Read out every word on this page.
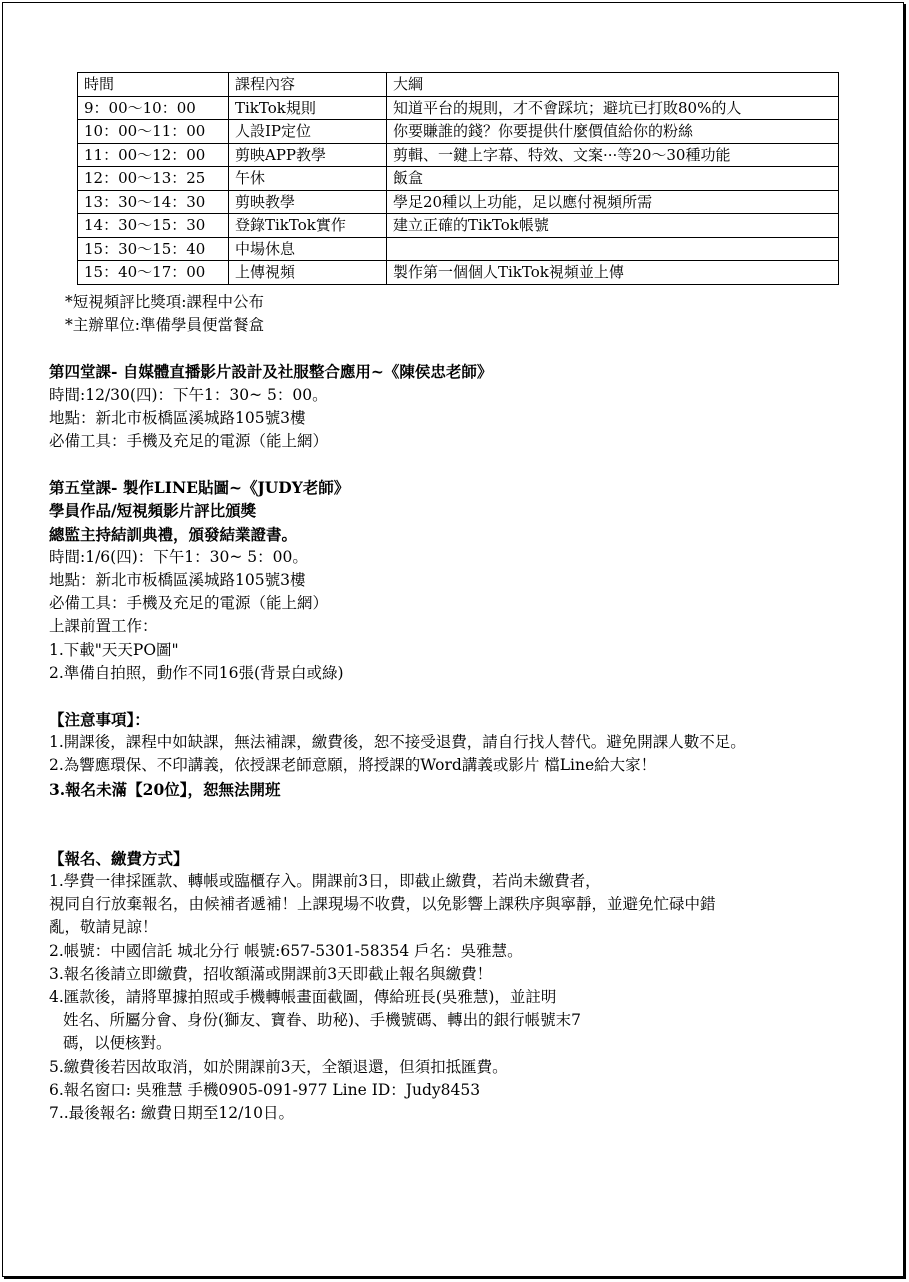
時間	課程內容	大綱
9：00～10：00	TikTok規則	知道平台的規則，才不會踩坑；避坑已打敗80%的人
10：00～11：00	人設IP定位	你要賺誰的錢？你要提供什麼價值給你的粉絲
11：00～12：00	剪映APP教學	剪輯、一鍵上字幕、特效、文案···等20～30種功能
12：00～13：25	午休	飯盒
13：30～14：30	剪映教學	學足20種以上功能，足以應付視頻所需
14：30～15：30	登錄TikTok實作	建立正確的TikTok帳號
15：30～15：40	中場休息	
15：40～17：00	上傳視頻	製作第一個個人TikTok視頻並上傳
*短視頻評比獎項:課程中公布
*主辦單位:準備學員便當餐盒
第四堂課- 自媒體直播影片設計及社服整合應用~《陳侯忠老師》
時間:12/30(四)：下午1：30~ 5：00。
地點：新北市板橋區溪城路105號3樓
必備工具：手機及充足的電源（能上網）
第五堂課- 製作LINE貼圖~《JUDY老師》
學員作品/短視頻影片評比頒獎
總監主持結訓典禮，頒發結業證書。
時間:1/6(四)：下午1：30~ 5：00。
地點：新北市板橋區溪城路105號3樓
必備工具：手機及充足的電源（能上網）
上課前置工作：
1.下載"天天PO圖"
2.準備自拍照，動作不同16張(背景白或綠)
【注意事項】：
1.開課後，課程中如缺課，無法補課，繳費後，恕不接受退費，請自行找人替代。避免開課人數不足。
2.為響應環保、不印講義，依授課老師意願，將授課的Word講義或影片 檔Line給大家！
3.報名未滿【20位】，恕無法開班
【報名、繳費方式】
1.學費一律採匯款、轉帳或臨櫃存入。開課前3日，即截止繳費，若尚未繳費者，
視同自行放棄報名，由候補者遞補！上課現場不收費，以免影響上課秩序與寧靜，並避免忙碌中錯
亂，敬請見諒！
2.帳號：中國信託 城北分行 帳號:657-5301-58354 戶名：吳雅慧。
3.報名後請立即繳費，招收額滿或開課前3天即截止報名與繳費！
4.匯款後，請將單據拍照或手機轉帳畫面截圖，傳給班長(吳雅慧)，並註明
姓名、所屬分會、身份(獅友、寶眷、助秘)、手機號碼、轉出的銀行帳號末7
碼，以便核對。
5.繳費後若因故取消，如於開課前3天，全額退還，但須扣抵匯費。
6.報名窗口: 吳雅慧 手機0905-091-977 Line ID：Judy8453
7..最後報名: 繳費日期至12/10日。
